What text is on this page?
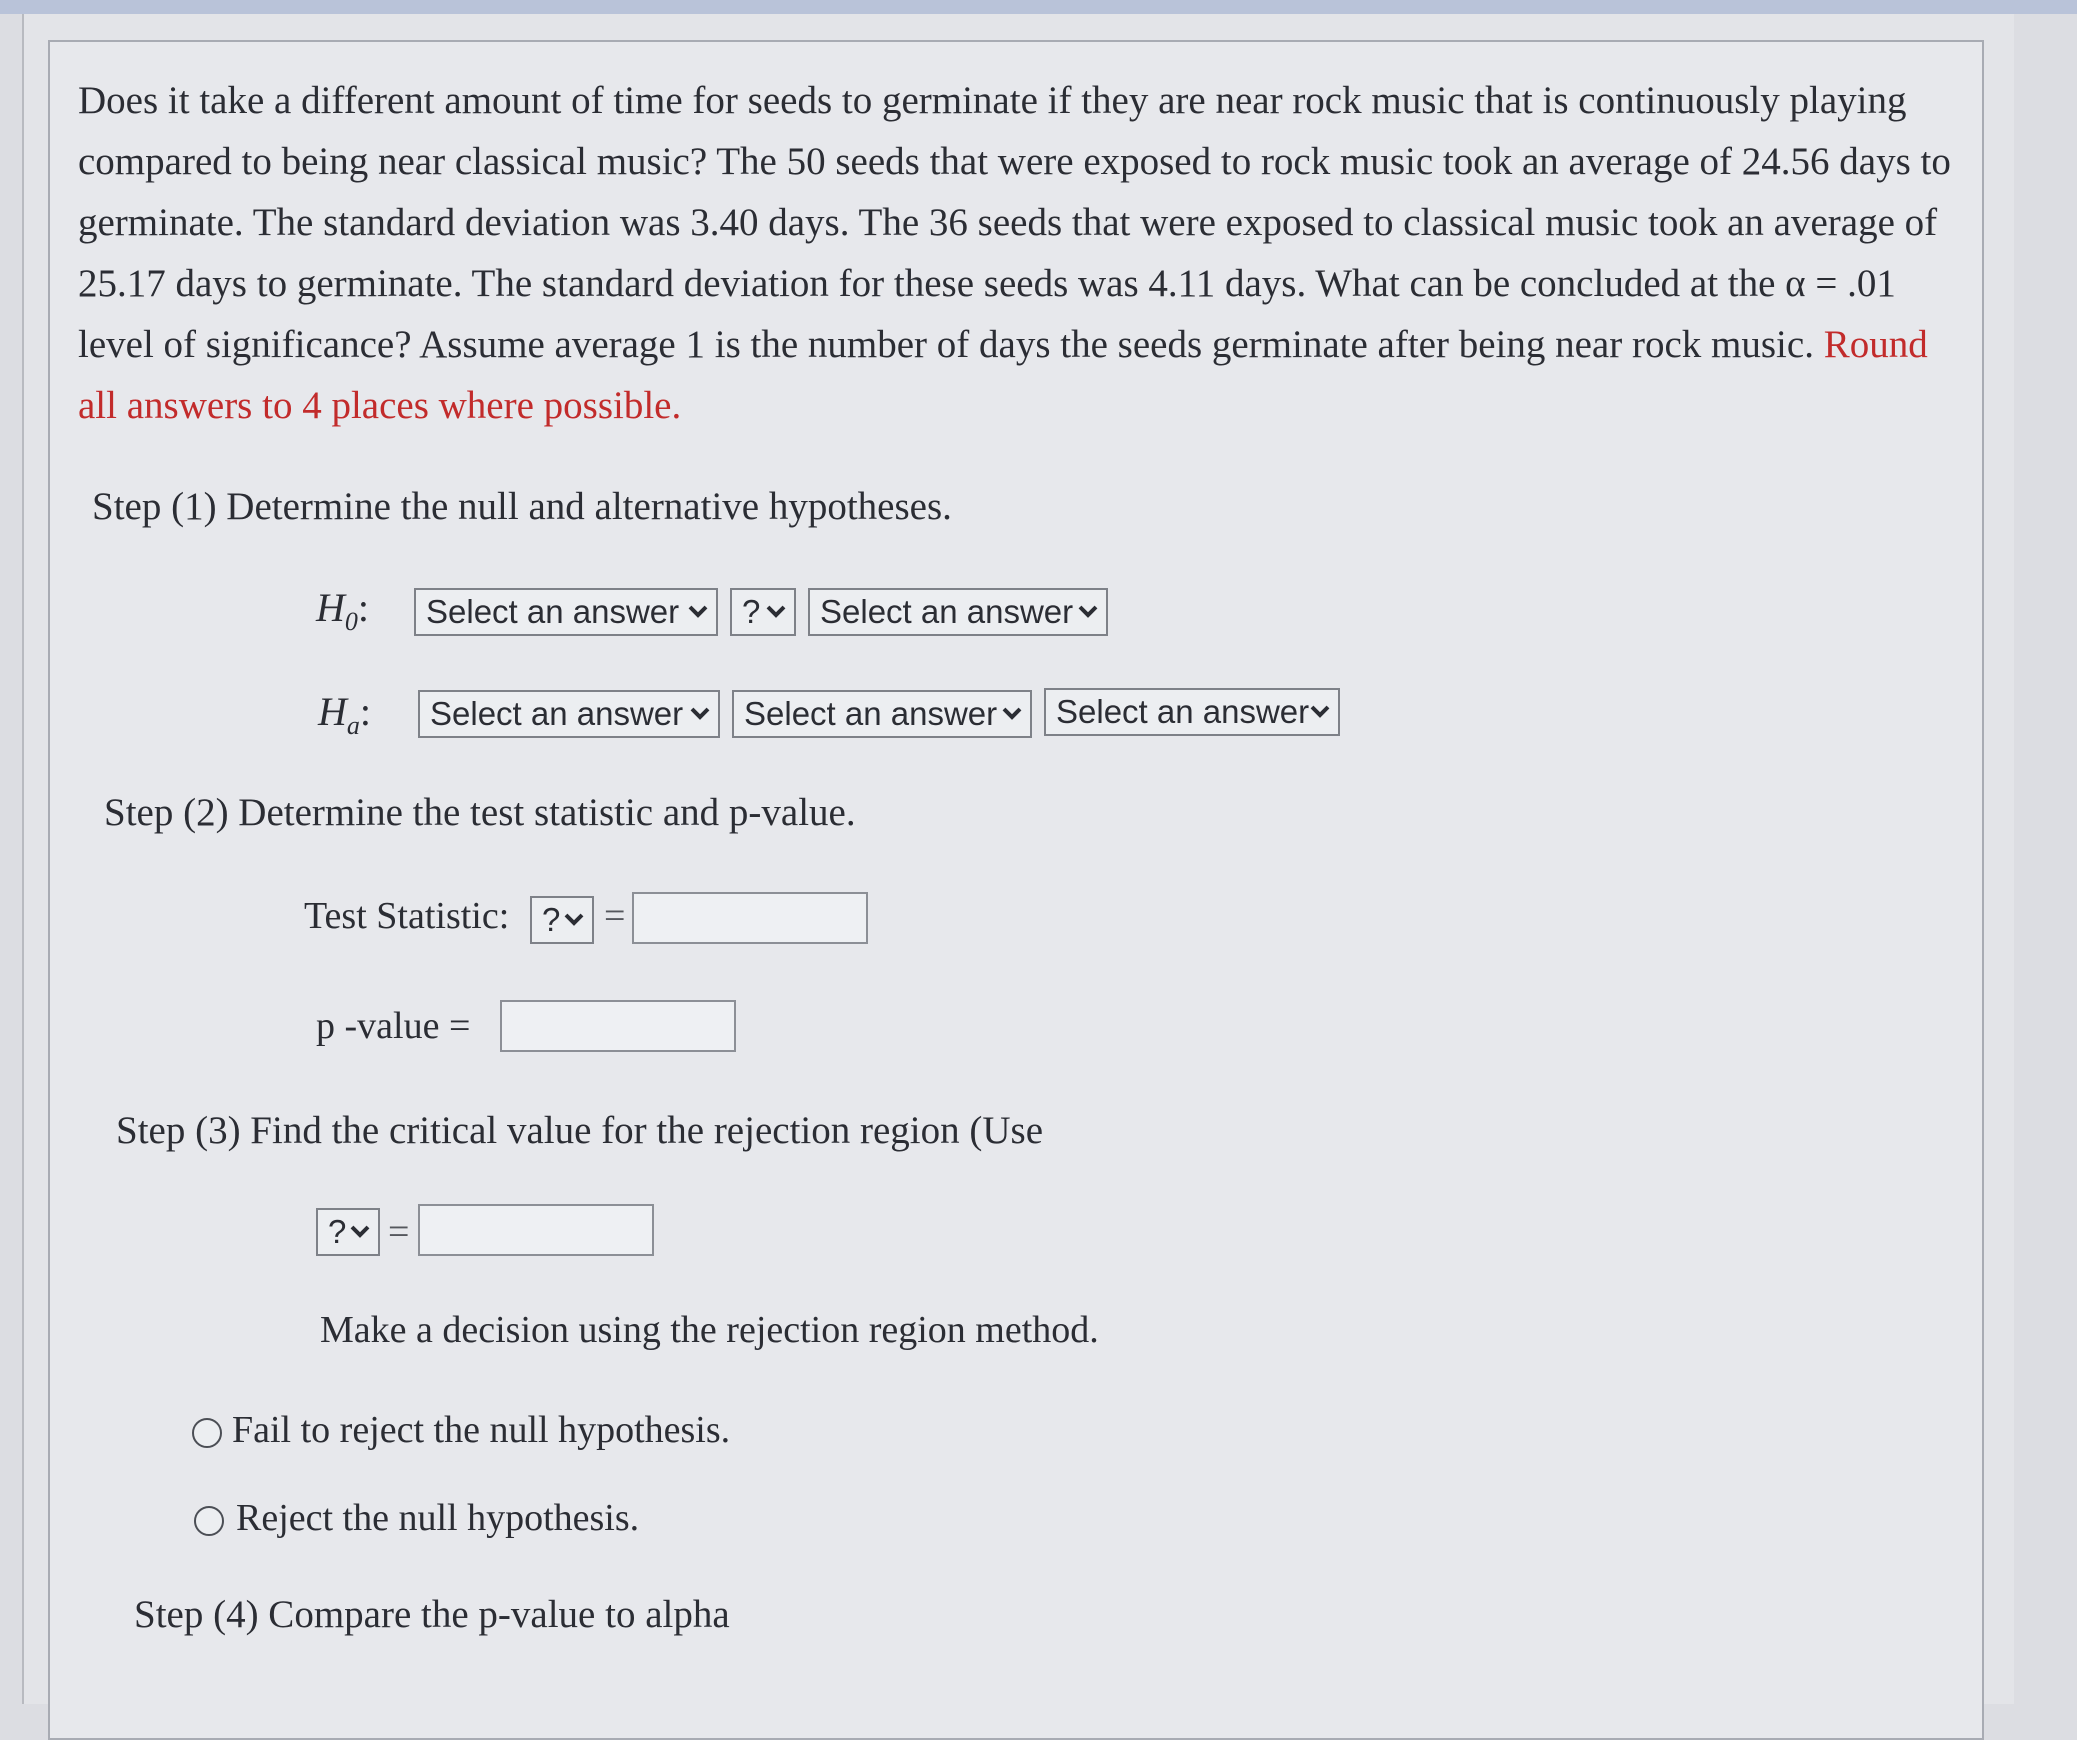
Does it take a different amount of time for seeds to germinate if they are near rock music that is continuously playing compared to being near classical music? The 50 seeds that were exposed to rock music took an average of 24.56 days to germinate. The standard deviation was 3.40 days. The 36 seeds that were exposed to classical music took an average of 25.17 days to germinate. The standard deviation for these seeds was 4.11 days. What can be concluded at the α = .01 level of significance? Assume average 1 is the number of days the seeds germinate after being near rock music. Round all answers to 4 places where possible.
Step (1) Determine the null and alternative hypotheses.
$H_0$:	Select an answer	?	Select an answer
$H_a$:	Select an answer	Select an answer	Select an answer
Step (2) Determine the test statistic and p-value.
Test Statistic: ?	=
p -value =
Step (3) Find the critical value for the rejection region (Use
?	=
Make a decision using the rejection region method.
Fail to reject the null hypothesis.
Reject the null hypothesis.
Step (4) Compare the p-value to alpha
